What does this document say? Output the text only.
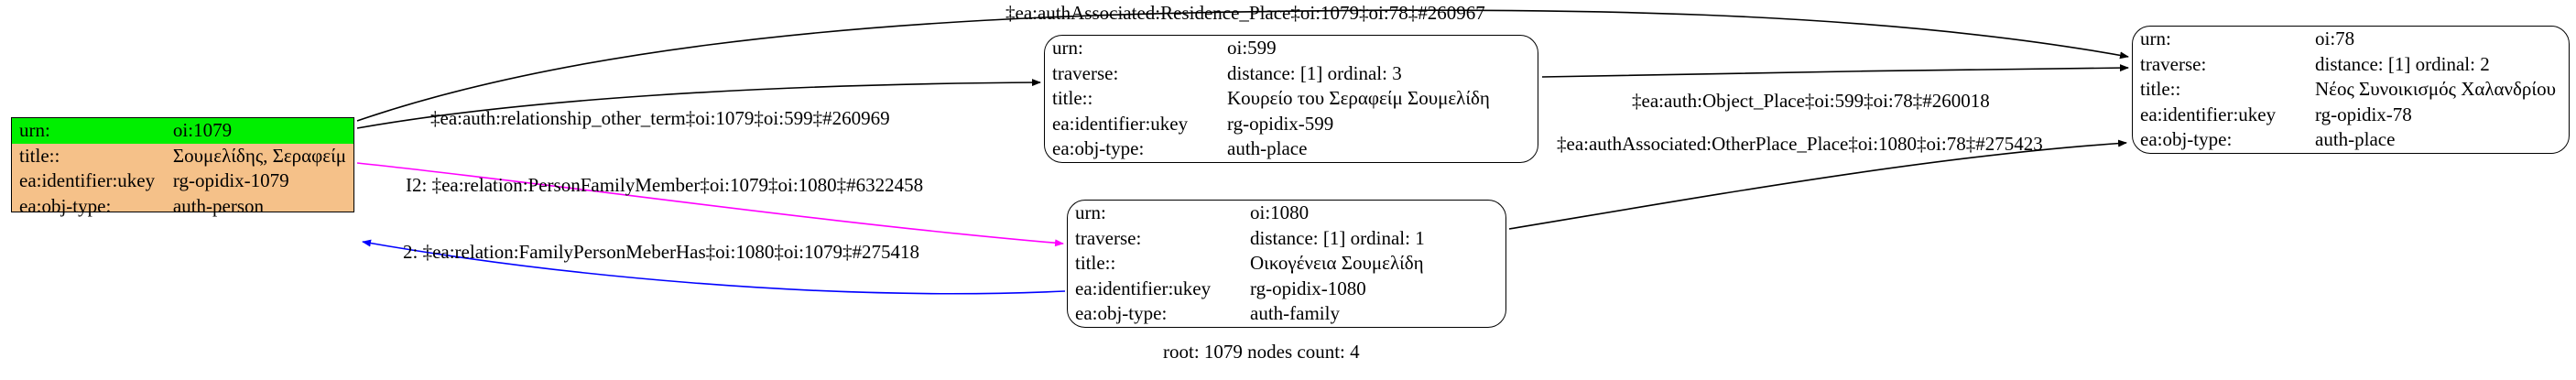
urn:	oi:1079
title::	Σουμελίδης, Σεραφείμ
ea:identifier:ukey	rg-opidix-1079
ea:obj-type:	auth-person
urn:	oi:599
traverse:	distance: [1] ordinal: 3
title::	Κουρείο του Σεραφείμ Σουμελίδη
ea:identifier:ukey	rg-opidix-599
ea:obj-type:	auth-place
urn:	oi:1080
traverse:	distance: [1] ordinal: 1
title::	Οικογένεια Σουμελίδη
ea:identifier:ukey	rg-opidix-1080
ea:obj-type:	auth-family
urn:	oi:78
traverse:	distance: [1] ordinal: 2
title::	Νέος Συνοικισμός Χαλανδρίου
ea:identifier:ukey	rg-opidix-78
ea:obj-type:	auth-place
‡ea:authAssociated:Residence_Place‡oi:1079‡oi:78‡#260967
‡ea:auth:relationship_other_term‡oi:1079‡oi:599‡#260969
I2: ‡ea:relation:PersonFamilyMember‡oi:1079‡oi:1080‡#6322458
2: ‡ea:relation:FamilyPersonMeberHas‡oi:1080‡oi:1079‡#275418
‡ea:auth:Object_Place‡oi:599‡oi:78‡#260018
‡ea:authAssociated:OtherPlace_Place‡oi:1080‡oi:78‡#275423
root: 1079 nodes count: 4
